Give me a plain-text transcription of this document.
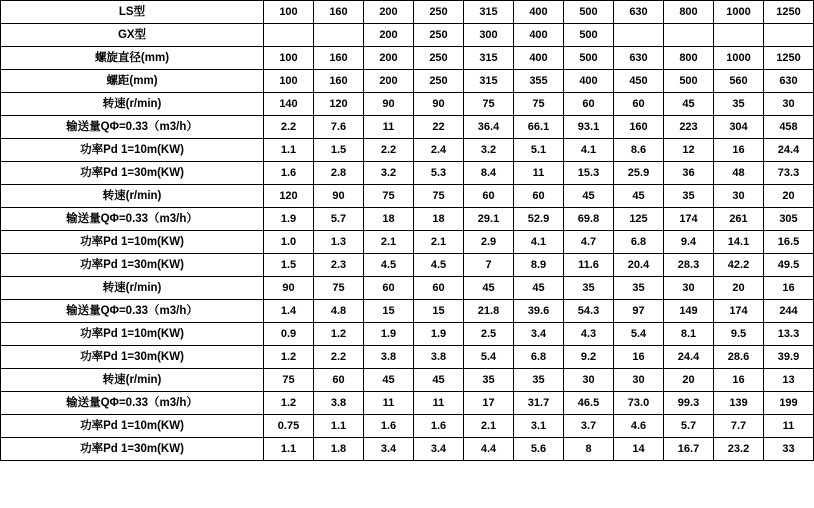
LS型	100	160	200	250	315	400	500	630	800	1000	1250
GX型			200	250	300	400	500				
螺旋直径(mm)	100	160	200	250	315	400	500	630	800	1000	1250
螺距(mm)	100	160	200	250	315	355	400	450	500	560	630
转速(r/min)	140	120	90	90	75	75	60	60	45	35	30
输送量QΦ=0.33（m3/h）	2.2	7.6	11	22	36.4	66.1	93.1	160	223	304	458
功率Pd 1=10m(KW)	1.1	1.5	2.2	2.4	3.2	5.1	4.1	8.6	12	16	24.4
功率Pd 1=30m(KW)	1.6	2.8	3.2	5.3	8.4	11	15.3	25.9	36	48	73.3
转速(r/min)	120	90	75	75	60	60	45	45	35	30	20
输送量QΦ=0.33（m3/h）	1.9	5.7	18	18	29.1	52.9	69.8	125	174	261	305
功率Pd 1=10m(KW)	1.0	1.3	2.1	2.1	2.9	4.1	4.7	6.8	9.4	14.1	16.5
功率Pd 1=30m(KW)	1.5	2.3	4.5	4.5	7	8.9	11.6	20.4	28.3	42.2	49.5
转速(r/min)	90	75	60	60	45	45	35	35	30	20	16
输送量QΦ=0.33（m3/h）	1.4	4.8	15	15	21.8	39.6	54.3	97	149	174	244
功率Pd 1=10m(KW)	0.9	1.2	1.9	1.9	2.5	3.4	4.3	5.4	8.1	9.5	13.3
功率Pd 1=30m(KW)	1.2	2.2	3.8	3.8	5.4	6.8	9.2	16	24.4	28.6	39.9
转速(r/min)	75	60	45	45	35	35	30	30	20	16	13
输送量QΦ=0.33（m3/h）	1.2	3.8	11	11	17	31.7	46.5	73.0	99.3	139	199
功率Pd 1=10m(KW)	0.75	1.1	1.6	1.6	2.1	3.1	3.7	4.6	5.7	7.7	11
功率Pd 1=30m(KW)	1.1	1.8	3.4	3.4	4.4	5.6	8	14	16.7	23.2	33
